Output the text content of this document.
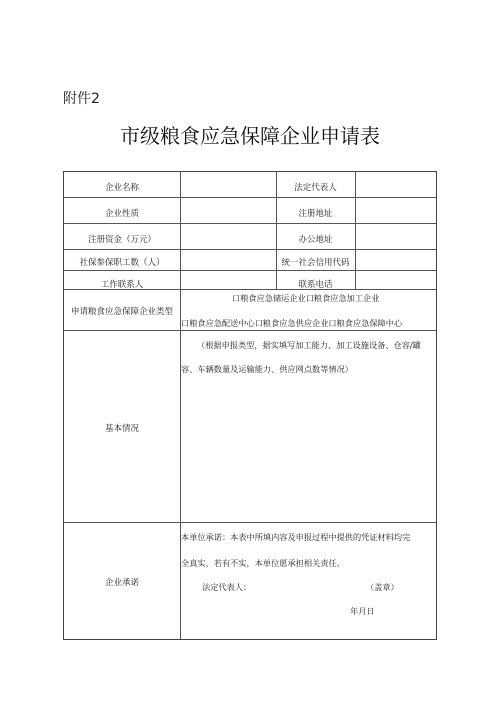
附件2
市级粮食应急保障企业申请表
企业名称	法定代表人
企业性质	注册地址
注册资金（万元）	办公地址
社保参保职工数（人）	统一社会信用代码
工作联系人	联系电话
申请粮食应急保障企业类型
口粮食应急储运企业口粮食应急加工企业
口粮食应急配送中心口粮食应急供应企业口粮食应急保障中心
基本情况
（根据申报类型，据实填写加工能力、加工设施设备、仓容/罐
容、车辆数量及运输能力、供应网点数等情况）
企业承诺
本单位承诺：本表中所填内容及申报过程中提供的凭证材料均完
全真实，若有不实，本单位愿承担相关责任。
法定代表人：	（盖章）
年月日
